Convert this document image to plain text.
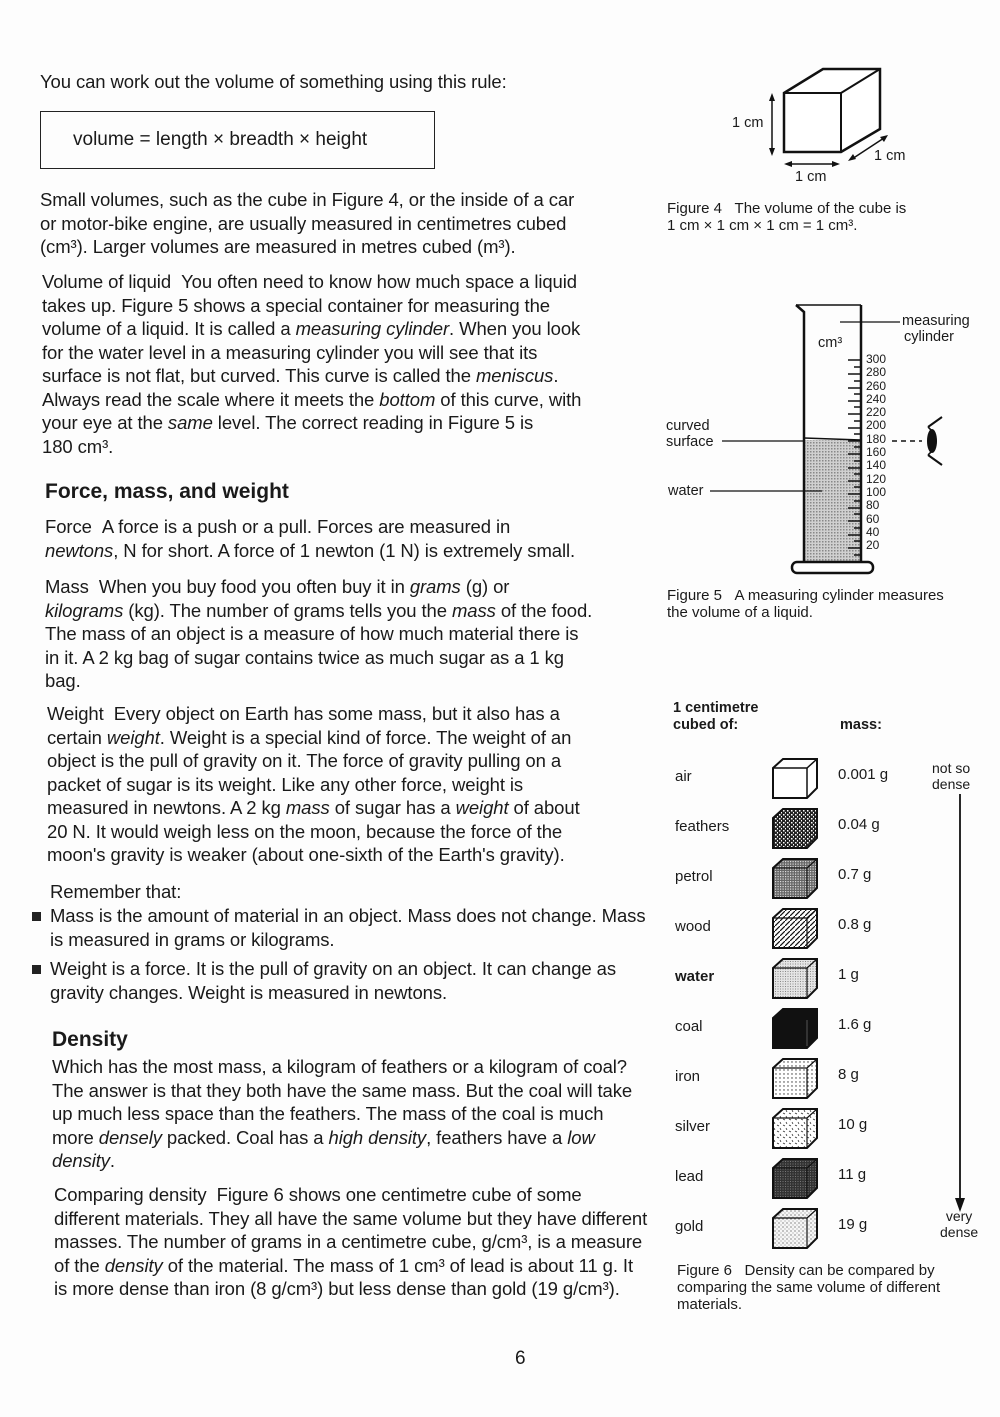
You can work out the volume of something using this rule:
volume = length × breadth × height
Small volumes, such as the cube in Figure 4, or the inside of a car
or motor-bike engine, are usually measured in centimetres cubed
(cm³). Larger volumes are measured in metres cubed (m³).
Volume of liquid You often need to know how much space a liquid
takes up. Figure 5 shows a special container for measuring the
volume of a liquid. It is called a measuring cylinder. When you look
for the water level in a measuring cylinder you will see that its
surface is not flat, but curved. This curve is called the meniscus.
Always read the scale where it meets the bottom of this curve, with
your eye at the same level. The correct reading in Figure 5 is
180 cm³.
Force, mass, and weight
Force A force is a push or a pull. Forces are measured in
newtons, N for short. A force of 1 newton (1 N) is extremely small.
Mass When you buy food you often buy it in grams (g) or
kilograms (kg). The number of grams tells you the mass of the food.
The mass of an object is a measure of how much material there is
in it. A 2 kg bag of sugar contains twice as much sugar as a 1 kg
bag.
Weight Every object on Earth has some mass, but it also has a
certain weight. Weight is a special kind of force. The weight of an
object is the pull of gravity on it. The force of gravity pulling on a
packet of sugar is its weight. Like any other force, weight is
measured in newtons. A 2 kg mass of sugar has a weight of about
20 N. It would weigh less on the moon, because the force of the
moon's gravity is weaker (about one-sixth of the Earth's gravity).
Remember that:
Mass is the amount of material in an object. Mass does not change. Mass is measured in grams or kilograms.
Weight is a force. It is the pull of gravity on an object. It can change as gravity changes. Weight is measured in newtons.
Density
Which has the most mass, a kilogram of feathers or a kilogram of coal? The answer is that they both have the same mass. But the coal will take up much less space than the feathers. The mass of the coal is much more densely packed. Coal has a high density, feathers have a low density.
Comparing density Figure 6 shows one centimetre cube of some different materials. They all have the same volume but they have different masses. The number of grams in a centimetre cube, g/cm³, is a measure of the density of the material. The mass of 1 cm³ of lead is about 11 g. It is more dense than iron (8 g/cm³) but less dense than gold (19 g/cm³).
6
1 cm
1 cm
1 cm
Figure 4 The volume of the cube is
1 cm × 1 cm × 1 cm = 1 cm³.
cm³
300
280
260
240
220
200
180
160
140
120
100
80
60
40
20
measuring
cylinder
curved
surface
water
Figure 5 A measuring cylinder measures
the volume of a liquid.
1 centimetre
cubed of:	mass:
air	0.001 g
feathers	0.04 g
petrol	0.7 g
wood	0.8 g
water	1 g
coal	1.6 g
iron	8 g
silver	10 g
lead	11 g
gold	19 g
not so
dense
very
dense
Figure 6 Density can be compared by
comparing the same volume of different
materials.
